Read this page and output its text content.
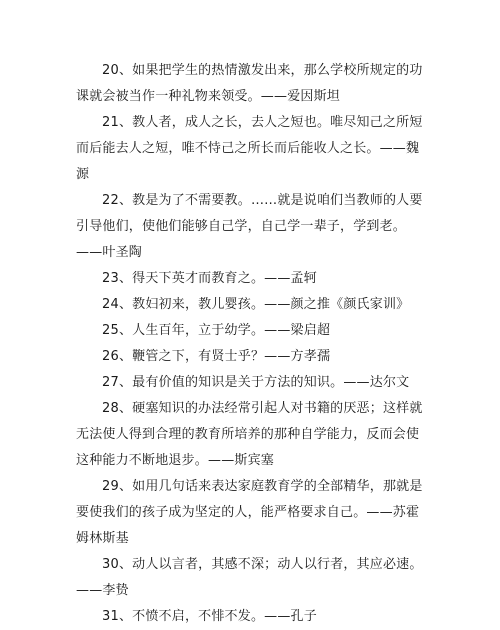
20、如果把学生的热情激发出来，那么学校所规定的功课就会被当作一种礼物来领受。——爱因斯坦

21、教人者，成人之长，去人之短也。唯尽知己之所短而后能去人之短，唯不恃己之所长而后能收人之长。——魏源

22、教是为了不需要教。……就是说咱们当教师的人要引导他们，使他们能够自己学，自己学一辈子，学到老。——叶圣陶

23、得天下英才而教育之。——孟轲

24、教妇初来，教儿婴孩。——颜之推《颜氏家训》

25、人生百年，立于幼学。——梁启超

26、鞭管之下，有贤士乎？——方孝孺

27、最有价值的知识是关于方法的知识。——达尔文

28、硬塞知识的办法经常引起人对书籍的厌恶；这样就无法使人得到合理的教育所培养的那种自学能力，反而会使这种能力不断地退步。——斯宾塞

29、如用几句话来表达家庭教育学的全部精华，那就是要使我们的孩子成为坚定的人，能严格要求自己。——苏霍姆林斯基

30、动人以言者，其感不深；动人以行者，其应必速。——李贽

31、不愤不启，不悱不发。——孔子
